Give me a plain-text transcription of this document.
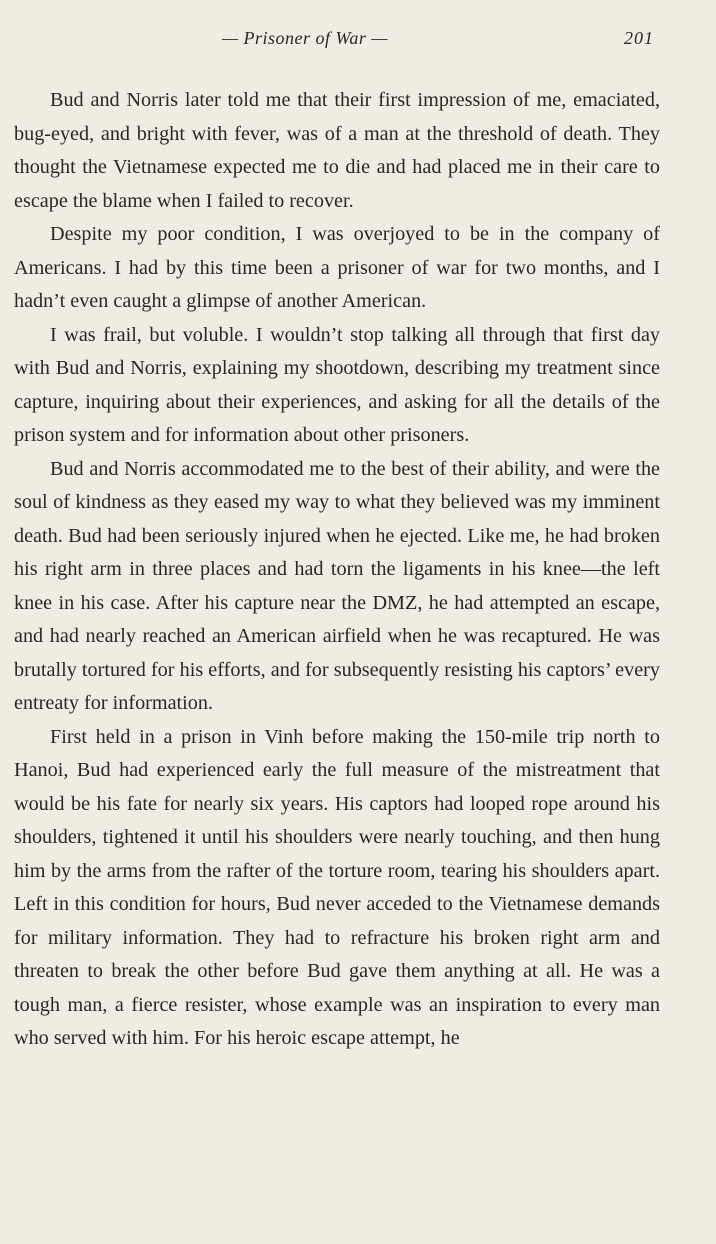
— Prisoner of War —	201

Bud and Norris later told me that their first impression of me, emaciated, bug-eyed, and bright with fever, was of a man at the threshold of death. They thought the Vietnamese expected me to die and had placed me in their care to escape the blame when I failed to recover.

Despite my poor condition, I was overjoyed to be in the company of Americans. I had by this time been a prisoner of war for two months, and I hadn’t even caught a glimpse of another American.

I was frail, but voluble. I wouldn’t stop talking all through that first day with Bud and Norris, explaining my shootdown, describing my treatment since capture, inquiring about their experiences, and asking for all the details of the prison system and for information about other prisoners.

Bud and Norris accommodated me to the best of their ability, and were the soul of kindness as they eased my way to what they believed was my imminent death. Bud had been seriously injured when he ejected. Like me, he had broken his right arm in three places and had torn the ligaments in his knee—the left knee in his case. After his capture near the DMZ, he had attempted an escape, and had nearly reached an American airfield when he was recaptured. He was brutally tortured for his efforts, and for subsequently resisting his captors’ every entreaty for information.

First held in a prison in Vinh before making the 150-mile trip north to Hanoi, Bud had experienced early the full measure of the mistreatment that would be his fate for nearly six years. His captors had looped rope around his shoulders, tightened it until his shoulders were nearly touching, and then hung him by the arms from the rafter of the torture room, tearing his shoulders apart. Left in this condition for hours, Bud never acceded to the Vietnamese demands for military information. They had to refracture his broken right arm and threaten to break the other before Bud gave them anything at all. He was a tough man, a fierce resister, whose example was an inspiration to every man who served with him. For his heroic escape attempt, he
